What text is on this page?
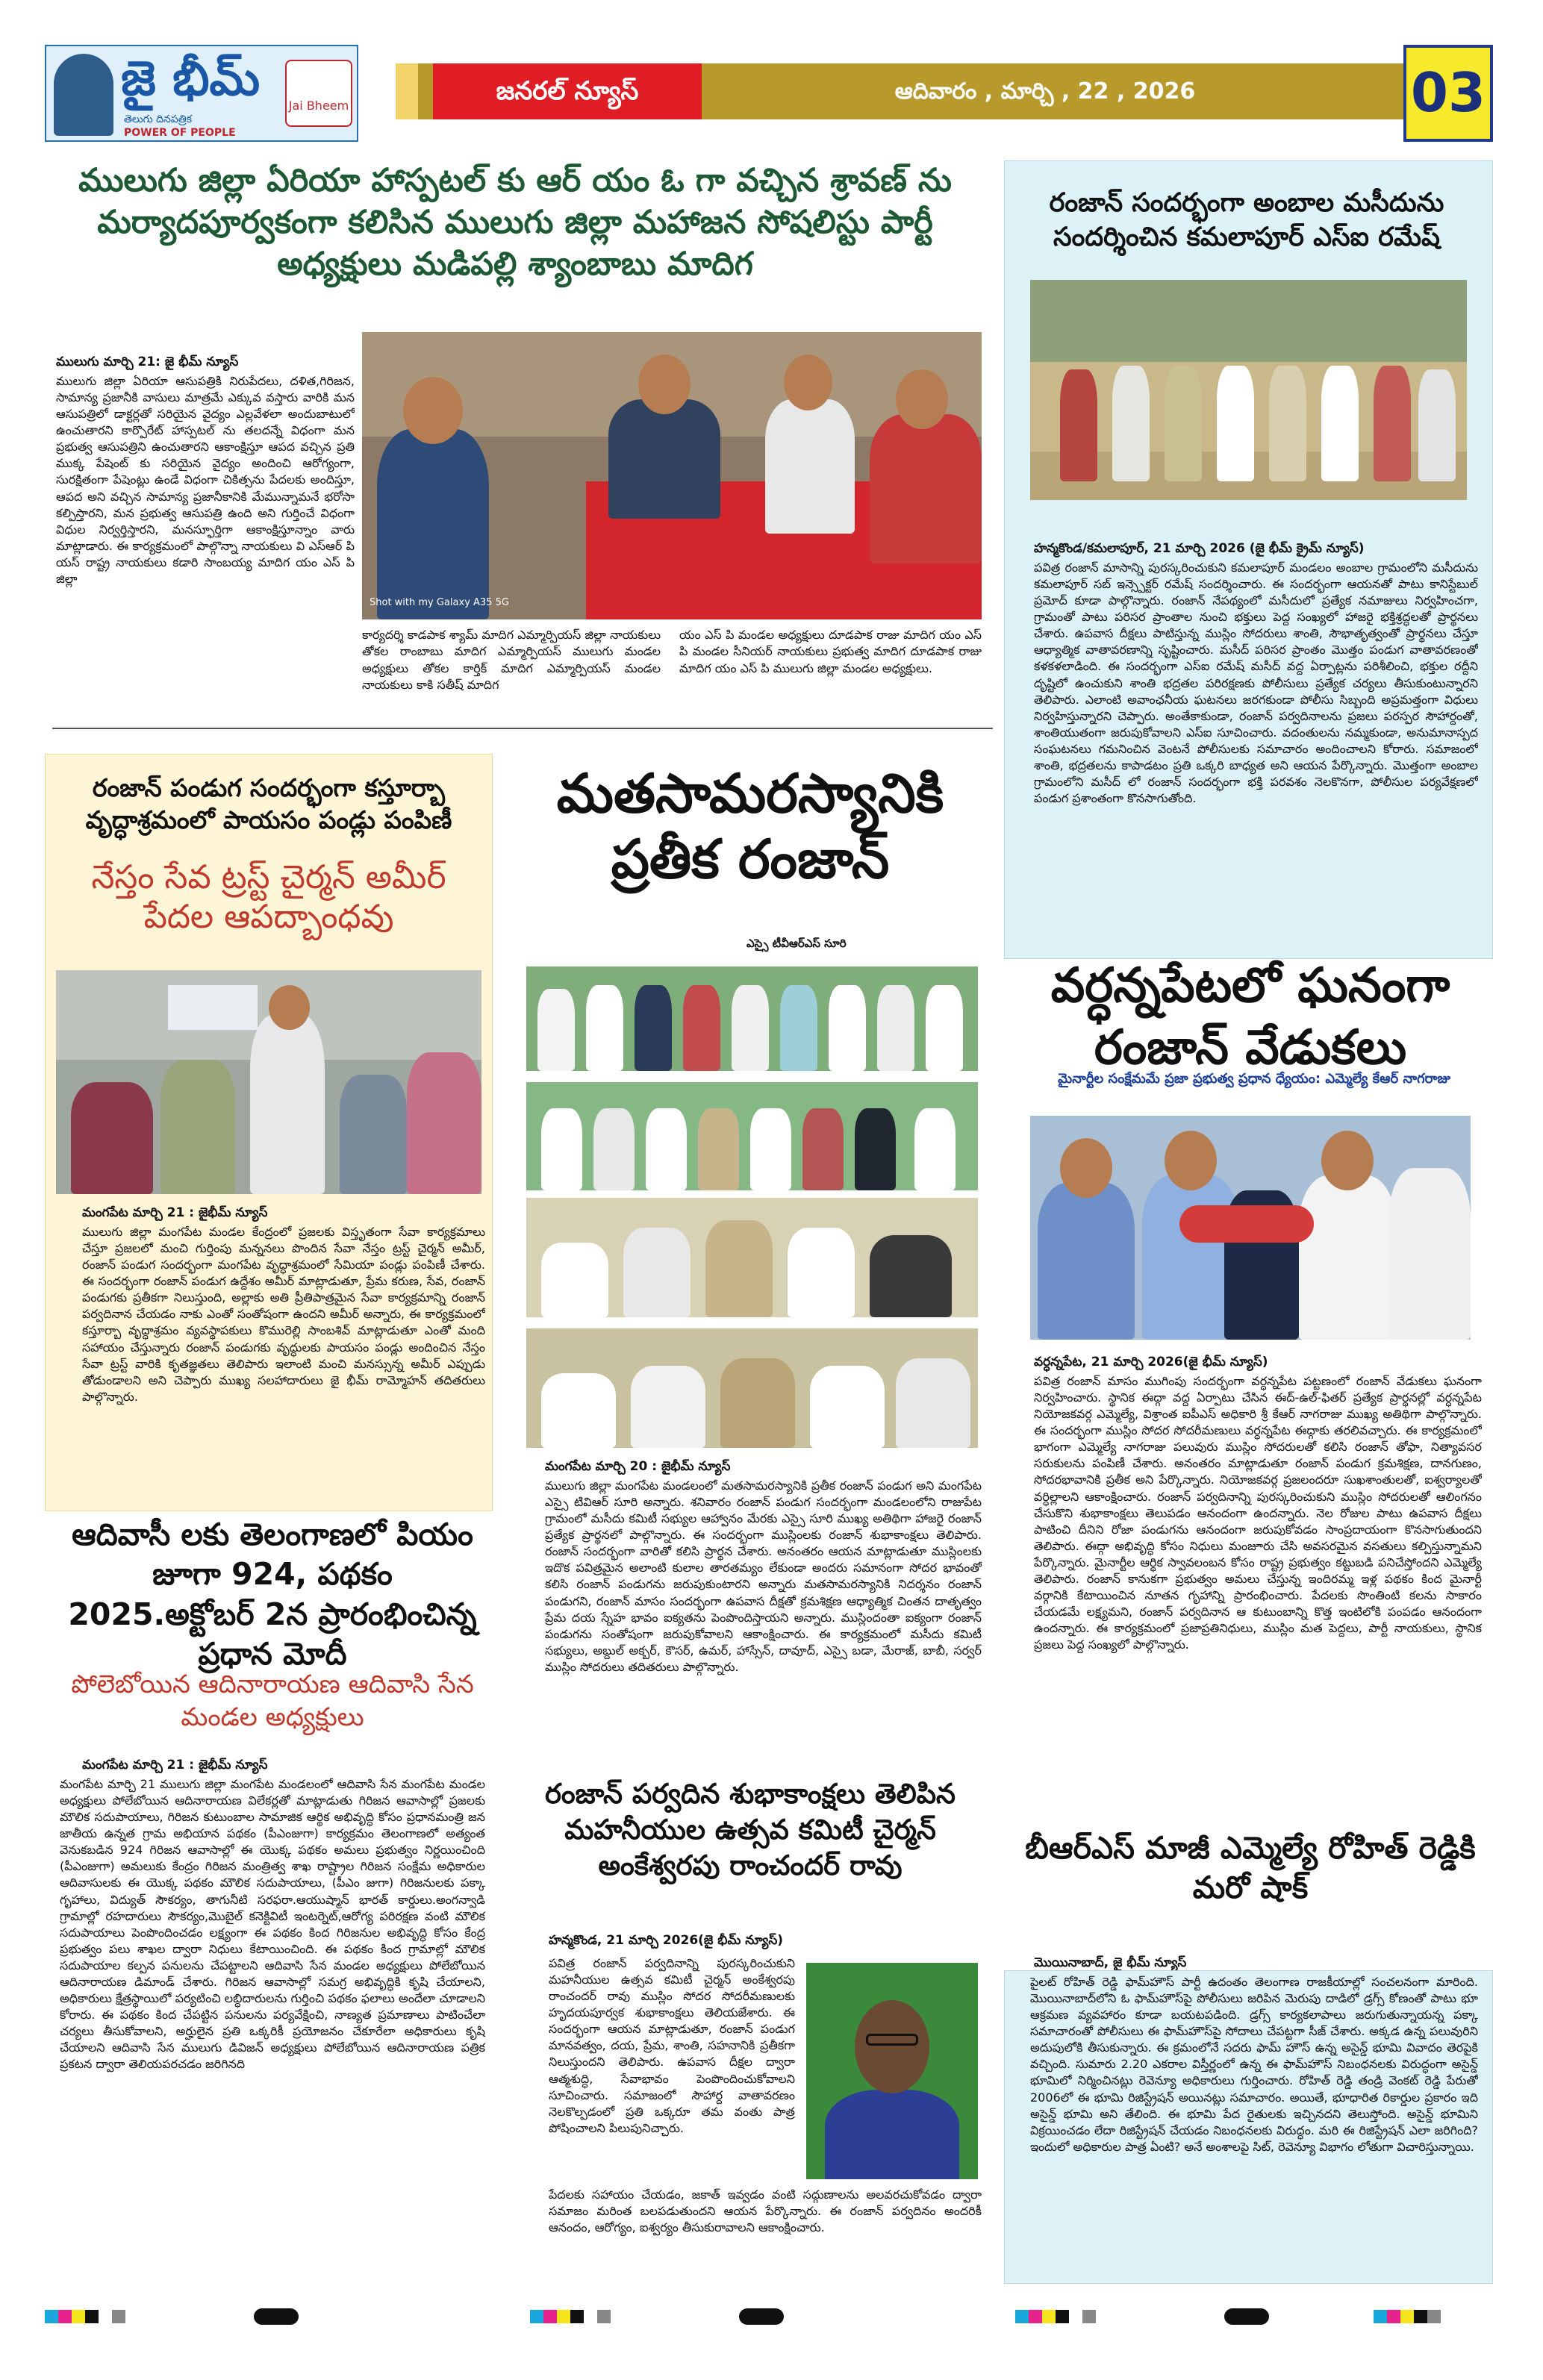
జై భీమ్
తెలుగు దినపత్రిక
POWER OF PEOPLE
Jai Bheem	జనరల్ న్యూస్	ఆదివారం , మార్చి , 22 , 2026	03
ములుగు జిల్లా ఏరియా హాస్పటల్ కు ఆర్ యం ఓ గా వచ్చిన శ్రావణ్ ను మర్యాదపూర్వకంగా కలిసిన ములుగు జిల్లా మహాజన సోషలిస్టు పార్టీ అధ్యక్షులు మడిపల్లి శ్యాంబాబు మాదిగ
ములుగు మార్చి 21: జై భీమ్ న్యూస్

ములుగు జిల్లా ఏరియా ఆసుపత్రికి నిరుపేదలు, దళిత,గిరిజన, సామాన్య ప్రజానీకి వాసులు మాత్రమే ఎక్కువ వస్తారు వారికి మన ఆసుపత్రిలో డాక్టర్లతో సరియైన వైద్యం ఎల్లవేళలా అందుబాటులో ఉంచుతారని కార్పొరేట్ హాస్పటల్ ను తలదన్నే విధంగా మన ప్రభుత్వ ఆసుపత్రిని ఉంచుతారని ఆకాంక్షిస్తూ ఆపద వచ్చిన ప్రతి ముక్క పేషెంట్ కు సరియైన వైద్యం అందించి ఆరోగ్యంగా, సురక్షితంగా పేషెంట్లు ఉండే విధంగా చికిత్సను పేదలకు అందిస్తూ, ఆపద అని వచ్చిన సామాన్య ప్రజానీకానికి మేమున్నామనే భరోసా కల్పిస్తారని, మన ప్రభుత్వ ఆసుపత్రి ఉంది అని గుర్తించే విధంగా విధుల నిర్వర్తిస్తారని, మనస్ఫూర్తిగా ఆకాంక్షిస్తూన్నాం వారు మాట్లాడారు. ఈ కార్యక్రమంలో పాల్గొన్నా నాయకులు వి ఎస్ఆర్ పి యస్ రాష్ట్ర నాయకులు కడారి సాంబయ్య మాదిగ యం ఎస్ పి జిల్లా

Shot with my Galaxy A35 5G

కార్యదర్శి కాడపాక శ్యామ్ మాదిగ ఎమ్మార్పియస్ జిల్లా నాయకులు తోకల రాంబాబు మాదిగ ఎమ్మార్పియస్ ములుగు మండల అధ్యక్షులు తోకల కార్తిక్ మాదిగ ఎమ్మార్పియస్ మండల నాయకులు కాకి సతీష్ మాదిగ

యం ఎస్ పి మండల అధ్యక్షులు దూడపాక రాజు మాదిగ యం ఎస్ పి మండల సీనియర్ నాయకులు ప్రభుత్వ మాదిగ దూడపాక రాజు మాదిగ యం ఎస్ పి ములుగు జిల్లా మండల అధ్యక్షులు.

రంజాన్ సందర్భంగా అంబాల మసీదును సందర్శించిన కమలాపూర్ ఎస్ఐ రమేష్
హన్మకొండ/కమలాపూర్, 21 మార్చి 2026 (జై భీమ్ క్రైమ్ న్యూస్)

పవిత్ర రంజాన్ మాసాన్ని పురస్కరించుకుని కమలాపూర్ మండలం అంబాల గ్రామంలోని మసీదును కమలాపూర్ సబ్ ఇన్స్పెక్టర్ రమేష్ సందర్శించారు. ఈ సందర్భంగా ఆయనతో పాటు కానిస్టేబుల్ ప్రమోద్ కూడా పాల్గొన్నారు. రంజాన్ నేపథ్యంలో మసీదులో ప్రత్యేక నమాజులు నిర్వహించగా, గ్రామంతో పాటు పరిసర ప్రాంతాల నుంచి భక్తులు పెద్ద సంఖ్యలో హాజరై భక్తిశ్రద్ధలతో ప్రార్థనలు చేశారు. ఉపవాస దీక్షలు పాటిస్తున్న ముస్లిం సోదరులు శాంతి, సౌభాతృత్వంతో ప్రార్థనలు చేస్తూ ఆధ్యాత్మిక వాతావరణాన్ని సృష్టించారు. మసీద్ పరిసర ప్రాంతం మొత్తం పండుగ వాతావరణంతో కళకళలాడింది. ఈ సందర్భంగా ఎస్ఐ రమేష్ మసీద్ వద్ద ఏర్పాట్లను పరిశీలించి, భక్తుల రద్దీని దృష్టిలో ఉంచుకుని శాంతి భద్రతల పరిరక్షణకు పోలీసులు ప్రత్యేక చర్యలు తీసుకుంటున్నారని తెలిపారు. ఎలాంటి అవాంఛనీయ ఘటనలు జరగకుండా పోలీసు సిబ్బంది అప్రమత్తంగా విధులు నిర్వహిస్తున్నారని చెప్పారు. అంతేకాకుండా, రంజాన్ పర్వదినాలను ప్రజలు పరస్పర సౌహార్దంతో, శాంతియుతంగా జరుపుకోవాలని ఎస్ఐ సూచించారు. వదంతులను నమ్మకుండా, అనుమానాస్పద సంఘటనలు గమనించిన వెంటనే పోలీసులకు సమాచారం అందించాలని కోరారు. సమాజంలో శాంతి, భద్రతలను కాపాడటం ప్రతి ఒక్కరి బాధ్యత అని ఆయన పేర్కొన్నారు. మొత్తంగా అంబాల గ్రామంలోని మసీద్ లో రంజాన్ సందర్భంగా భక్తి పరవశం నెలకొనగా, పోలీసుల పర్యవేక్షణలో పండుగ ప్రశాంతంగా కొనసాగుతోంది.

వర్ధన్నపేటలో ఘనంగా రంజాన్ వేడుకలు
మైనార్టీల సంక్షేమమే ప్రజా ప్రభుత్వ ప్రధాన ధ్యేయం: ఎమ్మెల్యే కేఆర్ నాగరాజు
వర్ధన్నపేట, 21 మార్చి 2026(జై భీమ్ న్యూస్)

పవిత్ర రంజాన్ మాసం ముగింపు సందర్భంగా వర్ధన్నపేట పట్టణంలో రంజాన్ వేడుకలు ఘనంగా నిర్వహించారు. స్థానిక ఈద్గా వద్ద ఏర్పాటు చేసిన ఈద్-ఉల్-ఫితర్ ప్రత్యేక ప్రార్థనల్లో వర్ధన్నపేట నియోజకవర్గ ఎమ్మెల్యే, విశ్రాంత ఐపీఎస్ అధికారి శ్రీ కేఆర్ నాగరాజు ముఖ్య అతిథిగా పాల్గొన్నారు. ఈ సందర్భంగా ముస్లిం సోదర సోదరీమణులు వర్ధన్నపేట ఈద్గాకు తరలివచ్చారు. ఈ కార్యక్రమంలో భాగంగా ఎమ్మెల్యే నాగరాజు పలువురు ముస్లిం సోదరులతో కలిసి రంజాన్ తోఫా, నిత్యావసర సరుకులను పంపిణీ చేశారు. అనంతరం మాట్లాడుతూ రంజాన్ పండుగ క్రమశిక్షణ, దానగుణం, సోదరభావానికి ప్రతీక అని పేర్కొన్నారు. నియోజకవర్గ ప్రజలందరూ సుఖశాంతులతో, ఐశ్వర్యాలతో వర్ధిల్లాలని ఆకాంక్షించారు. రంజాన్ పర్వదినాన్ని పురస్కరించుకుని ముస్లిం సోదరులతో ఆలింగనం చేసుకొని శుభాకాంక్షలు తెలుపడం ఆనందంగా ఉందన్నారు. నెల రోజుల పాటు ఉపవాస దీక్షలు పాటించి దీనిని రోజా పండుగను ఆనందంగా జరుపుకోవడం సాంప్రదాయంగా కొనసాగుతుందని తెలిపారు. ఈద్గా అభివృద్ధి కోసం నిధులు మంజూరు చేసి అవసరమైన వసతులు కల్పిస్తున్నామని పేర్కొన్నారు. మైనార్టీల ఆర్థిక స్వావలంబన కోసం రాష్ట్ర ప్రభుత్వం కట్టుబడి పనిచేస్తోందని ఎమ్మెల్యే తెలిపారు. రంజాన్ కానుకగా ప్రభుత్వం అమలు చేస్తున్న ఇందిరమ్మ ఇళ్ల పథకం కింద మైనార్టీ వర్గానికి కేటాయించిన నూతన గృహాన్ని ప్రారంభించారు. పేదలకు సొంతింటి కలను సాకారం చేయడమే లక్ష్యమని, రంజాన్ పర్వదినాన ఆ కుటుంబాన్ని కొత్త ఇంటిలోకి పంపడం ఆనందంగా ఉందన్నారు. ఈ కార్యక్రమంలో ప్రజాప్రతినిధులు, ముస్లిం మత పెద్దలు, పార్టీ నాయకులు, స్థానిక ప్రజలు పెద్ద సంఖ్యలో పాల్గొన్నారు.

బీఆర్ఎస్ మాజీ ఎమ్మెల్యే రోహిత్ రెడ్డికి మరో షాక్
మొయినాబాద్, జై భీమ్ న్యూస్

పైలట్ రోహిత్ రెడ్డి ఫామ్‌హౌస్ పార్టీ ఉదంతం తెలంగాణ రాజకీయాల్లో సంచలనంగా మారింది. మొయినాబాద్‌లోని ఓ ఫామ్‌హౌస్‌పై పోలీసులు జరిపిన మెరుపు దాడిలో డ్రగ్స్ కోణంతో పాటు భూ ఆక్రమణ వ్యవహారం కూడా బయటపడింది. డ్రగ్స్ కార్యకలాపాలు జరుగుతున్నాయన్న పక్కా సమాచారంతో పోలీసులు ఈ ఫామ్‌హౌస్‌పై సోదాలు చేపట్టగా సీజ్ చేశారు. అక్కడ ఉన్న పలువురిని అదుపులోకి తీసుకున్నారు. ఈ క్రమంలోనే సదరు ఫామ్ హౌస్ ఉన్న అసైన్డ్ భూమి వివాదం తెరపైకి వచ్చింది. సుమారు 2.20 ఎకరాల విస్తీర్ణంలో ఉన్న ఈ ఫామ్‌హౌస్ నిబంధనలకు విరుద్ధంగా అసైన్డ్ భూమిలో నిర్మించినట్లు రెవెన్యూ అధికారులు గుర్తించారు. రోహిత్ రెడ్డి తండ్రి వెంకట్ రెడ్డి పేరుతో 2006లో ఈ భూమి రిజిస్ట్రేషన్ అయినట్లు సమాచారం. అయితే, భూధారిత రికార్డుల ప్రకారం ఇది అసైన్డ్ భూమి అని తేలింది. ఈ భూమి పేద రైతులకు ఇచ్చినదని తెలుస్తోంది. అసైన్డ్ భూమిని విక్రయించడం లేదా రిజిస్ట్రేషన్ చేయడం నిబంధనలకు విరుద్ధం. మరి ఈ రిజిస్ట్రేషన్ ఎలా జరిగింది? ఇందులో అధికారుల పాత్ర ఏంటి? అనే అంశాలపై సిట్, రెవెన్యూ విభాగం లోతుగా విచారిస్తున్నాయి.

రంజాన్ పండుగ సందర్భంగా కస్తూర్బా వృద్ధాశ్రమంలో పాయసం పండ్లు పంపిణీ
నేస్తం సేవ ట్రస్ట్ చైర్మన్ అమీర్ పేదల ఆపద్బాంధవు
మంగపేట మార్చి 21 : జైభీమ్ న్యూస్

ములుగు జిల్లా మంగపేట మండల కేంద్రంలో ప్రజలకు విస్తృతంగా సేవా కార్యక్రమాలు చేస్తూ ప్రజలలో మంచి గుర్తింపు మన్ననలు పొందిన సేవా నేస్తం ట్రస్ట్ చైర్మన్ అమీర్, రంజాన్ పండుగ సందర్భంగా మంగపేట వృద్ధాశ్రమంలో సేమియా పండ్లు పంపిణీ చేశారు. ఈ సందర్భంగా రంజాన్ పండుగ ఉద్దేశం అమీర్ మాట్లాడుతూ, ప్రేమ కరుణ, సేవ, రంజాన్ పండుగకు ప్రతీకగా నిలుస్తుంది, అల్లాకు అతి ప్రీతిపాత్రమైన సేవా కార్యక్రమాన్ని రంజాన్ పర్వదినాన చేయడం నాకు ఎంతో సంతోషంగా ఉందని అమీర్ అన్నారు, ఈ కార్యక్రమంలో కస్తూర్బా వృద్ధాశ్రమం వ్యవస్థాపకులు కొమురెల్లి సాంబశివ్ మాట్లాడుతూ ఎంతో మంది సహాయం చేస్తున్నారు రంజాన్ పండుగకు వృద్ధులకు పాయసం పండ్లు అందించిన నేస్తం సేవా ట్రస్ట్ వారికి కృతజ్ఞతలు తెలిపారు ఇలాంటి మంచి మనస్సున్న అమీర్ ఎప్పుడు తోడుండాలని అని చెప్పారు ముఖ్య సలహాదారులు జై భీమ్ రామ్మోహన్ తదితరులు పాల్గొన్నారు.

ఆదివాసీ లకు తెలంగాణలో పియం జూగా 924, పథకం 2025.అక్టోబర్ 2న ప్రారంభించిన్న ప్రధాన మోదీ
పోలెబోయిన ఆదినారాయణ ఆదివాసి సేన మండల అధ్యక్షులు
మంగపేట మార్చి 21 : జైభీమ్ న్యూస్

మంగపేట మార్చి 21 ములుగు జిల్లా మంగపేట మండలంలో ఆదివాసి సేన మంగపేట మండల అధ్యక్షులు పోలేబోయిన ఆదినారాయణ విలేకర్లతో మాట్లాడుతు గిరిజన ఆవాసాల్లో ప్రజలకు మౌలిక సదుపాయాలు, గిరిజన కుటుంబాల సామాజిక ఆర్థిక అభివృద్ధి కోసం ప్రధానమంత్రి జన జాతీయ ఉన్నత గ్రామ అభియాన పథకం (పీఎంజుగా) కార్యక్రమం తెలంగాణలో అత్యంత వెనుకబడిన 924 గిరిజన ఆవాసాల్లో ఈ యొక్క పథకం అమలు ప్రభుత్వం నిర్ణయించింది (పీఎంజుగా) అమలుకు కేంద్రం గిరిజన మంత్రిత్వ శాఖ రాష్ట్రాల గిరిజన సంక్షేమ అధికారుల ఆదివాసులకు ఈ యొక్క పథకం మౌలిక సదుపాయాలు, (పీఎం జుగా) గిరిజనులకు పక్కా గృహాలు, విద్యుత్ సౌకర్యం, తాగునీటి సరఫరా.ఆయుష్మాన్ భారత్ కార్డులు.అంగన్వాడి గ్రామాల్లో రహదారులు సౌకర్యం,మొబైల్ కనెక్టివిటీ ఇంటర్నెట్,ఆరోగ్య పరిరక్షణ వంటి మౌలిక సదుపాయాలు పెంపొందించడం లక్ష్యంగా ఈ పథకం కింద గిరిజనుల అభివృద్ధి కోసం కేంద్ర ప్రభుత్వం పలు శాఖల ద్వారా నిధులు కేటాయించింది. ఈ పథకం కింద గ్రామాల్లో మౌలిక సదుపాయాల కల్పన పనులను చేపట్టాలని ఆదివాసి సేన మండల అధ్యక్షులు పోలేబోయిన ఆదినారాయణ డిమాండ్ చేశారు. గిరిజన ఆవాసాల్లో సమగ్ర అభివృద్ధికి కృషి చేయాలని, అధికారులు క్షేత్రస్థాయిలో పర్యటించి లబ్ధిదారులను గుర్తించి పథకం ఫలాలు అందేలా చూడాలని కోరారు. ఈ పథకం కింద చేపట్టిన పనులను పర్యవేక్షించి, నాణ్యత ప్రమాణాలు పాటించేలా చర్యలు తీసుకోవాలని, అర్హులైన ప్రతి ఒక్కరికీ ప్రయోజనం చేకూరేలా అధికారులు కృషి చేయాలని ఆదివాసి సేన ములుగు డివిజన్ అధ్యక్షులు పోలేబోయిన ఆదినారాయణ పత్రిక ప్రకటన ద్వారా తెలియపరచడం జరిగినది

మతసామరస్యానికి ప్రతీక రంజాన్
ఎస్సై టీవీఆర్ఎస్ సూరి
మంగపేట మార్చి 20 : జైభీమ్ న్యూస్

ములుగు జిల్లా మంగపేట మండలంలో మతసామరస్యానికి ప్రతీక రంజాన్ పండుగ అని మంగపేట ఎస్సై టివిఆర్ సూరి అన్నారు. శనివారం రంజాన్ పండుగ సందర్భంగా మండలంలోని రాజుపేట గ్రామంలో మసీదు కమిటీ సభ్యుల ఆహ్వానం మేరకు ఎస్సై సూరి ముఖ్య అతిథిగా హాజరై రంజాన్ ప్రత్యేక ప్రార్థనలో పాల్గొన్నారు. ఈ సందర్భంగా ముస్లింలకు రంజాన్ శుభాకాంక్షలు తెలిపారు. రంజాన్ సందర్భంగా వారితో కలిసి ప్రార్థన చేశారు. అనంతరం ఆయన మాట్లాడుతూ ముస్లింలకు ఇదొక పవిత్రమైన అలాంటి కులాల తారతమ్యం లేకుండా అందరు సమానంగా సోదర భావంతో కలిసి రంజాన్ పండుగను జరుపుకుంటారని అన్నారు మతసామరస్యానికి నిదర్శనం రంజాన్ పండుగని, రంజాన్ మాసం సందర్భంగా ఉపవాస దీక్షతో క్రమశిక్షణ ఆధ్యాత్మిక చింతన దాతృత్వం ప్రేమ దయ స్నేహ భావం ఐక్యతను పెంపొందిస్తాయని అన్నారు. ముస్లిందంతా ఐక్యంగా రంజాన్ పండుగను సంతోషంగా జరుపుకోవాలని ఆకాంక్షించారు. ఈ కార్యక్రమంలో మసీదు కమిటీ సభ్యులు, అబ్దుల్ అక్బర్, కౌసర్, ఉమర్, హాస్సేన్, దావూద్, ఎస్సై బడా, మేరాజ్, బాబీ, సర్వర్ ముస్లిం సోదరులు తదితరులు పాల్గొన్నారు.

రంజాన్ పర్వదిన శుభాకాంక్షలు తెలిపిన మహనీయుల ఉత్సవ కమిటీ చైర్మన్ అంకేశ్వరపు రాంచందర్ రావు
హన్మకొండ, 21 మార్చి 2026(జై భీమ్ న్యూస్)

పవిత్ర రంజాన్ పర్వదినాన్ని పురస్కరించుకుని మహనీయుల ఉత్సవ కమిటీ చైర్మన్ అంకేశ్వరపు రాంచందర్ రావు ముస్లిం సోదర సోదరీమణులకు హృదయపూర్వక శుభాకాంక్షలు తెలియజేశారు. ఈ సందర్భంగా ఆయన మాట్లాడుతూ, రంజాన్ పండుగ మానవత్వం, దయ, ప్రేమ, శాంతి, సహనానికి ప్రతీకగా నిలుస్తుందని తెలిపారు. ఉపవాస దీక్షల ద్వారా ఆత్మశుద్ధి, సేవాభావం పెంపొందించుకోవాలని సూచించారు. సమాజంలో సౌహార్ద వాతావరణం నెలకొల్పడంలో ప్రతి ఒక్కరూ తమ వంతు పాత్ర పోషించాలని పిలుపునిచ్చారు.

పేదలకు సహాయం చేయడం, జకాత్ ఇవ్వడం వంటి సద్గుణాలను అలవరచుకోవడం ద్వారా సమాజం మరింత బలపడుతుందని ఆయన పేర్కొన్నారు. ఈ రంజాన్ పర్వదినం అందరికీ ఆనందం, ఆరోగ్యం, ఐశ్వర్యం తీసుకురావాలని ఆకాంక్షించారు.
